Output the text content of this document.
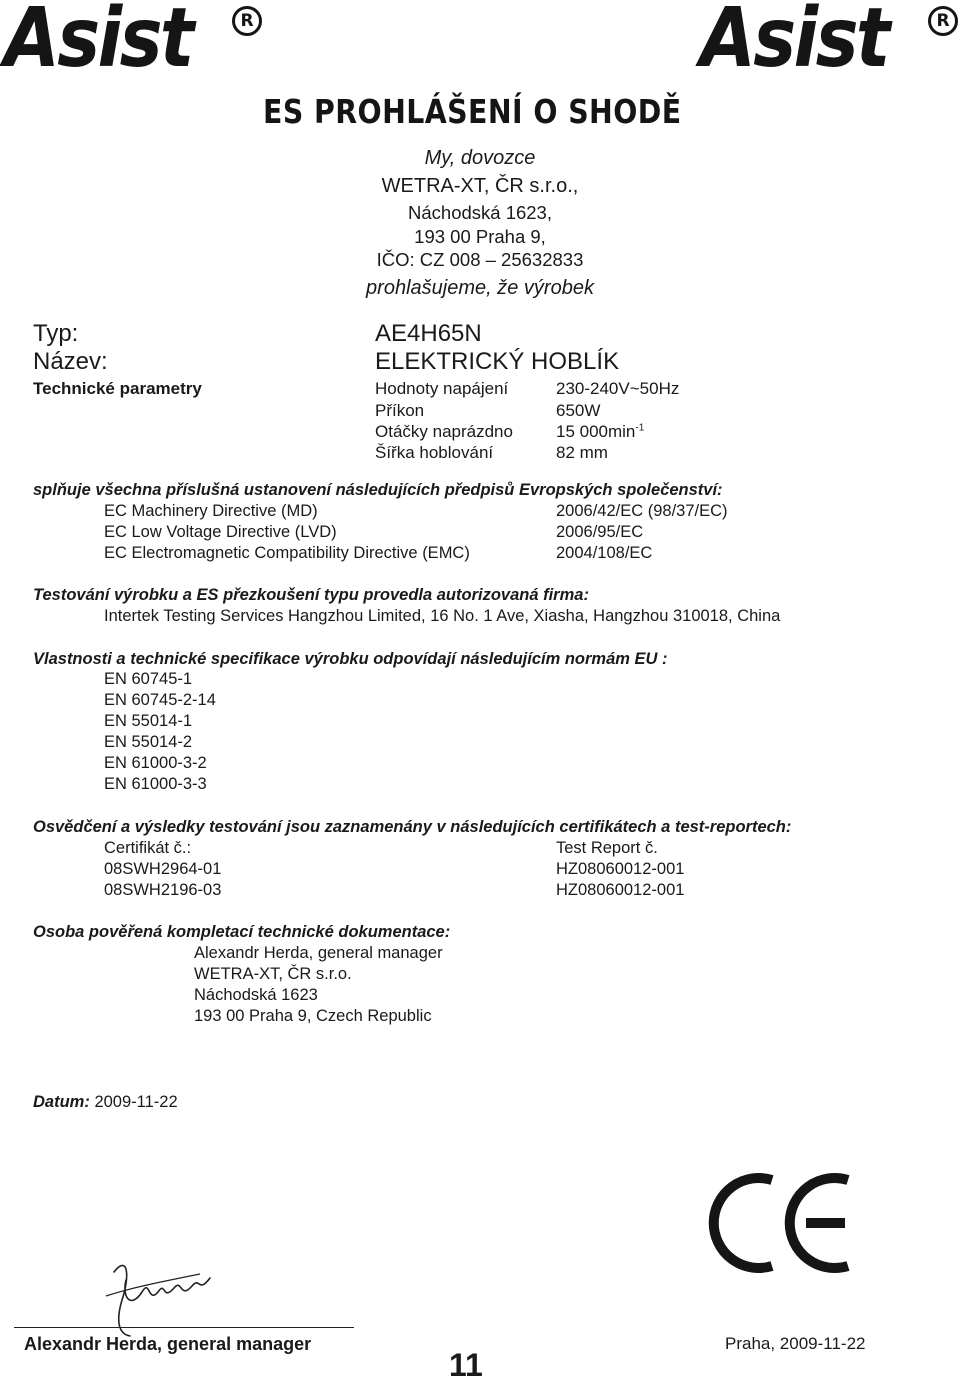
Asist	R	Asist	R
ES PROHLÁŠENÍ O SHODĚ
My, dovozce
WETRA-XT, ČR s.r.o.,
Náchodská 1623,
193 00 Praha 9,
IČO: CZ 008 – 25632833
prohlašujeme, že výrobek
Typ:	AE4H65N
Název:	ELEKTRICKÝ HOBLÍK
Technické parametry	Hodnoty napájení	230-240V~50Hz
Příkon	650W
Otáčky naprázdno	15 $000\min^{-1}$
Šířka hoblování	82 mm
splňuje všechna příslušná ustanovení následujících předpisů Evropských společenství:
EC Machinery Directive (MD)	2006/42/EC (98/37/EC)
EC Low Voltage Directive (LVD)	2006/95/EC
EC Electromagnetic Compatibility Directive (EMC)	2004/108/EC
Testování výrobku a ES přezkoušení typu provedla autorizovaná firma:
Intertek Testing Services Hangzhou Limited, 16 No. 1 Ave, Xiasha, Hangzhou 310018, China
Vlastnosti a technické specifikace výrobku odpovídají následujícím normám EU :
EN 60745-1
EN 60745-2-14
EN 55014-1
EN 55014-2
EN 61000-3-2
EN 61000-3-3
Osvědčení a výsledky testování jsou zaznamenány v následujících certifikátech a test-reportech:
Certifikát č.:	Test Report č.
08SWH2964-01	HZ08060012-001
08SWH2196-03	HZ08060012-001
Osoba pověřená kompletací technické dokumentace:
Alexandr Herda, general manager
WETRA-XT, ČR s.r.o.
Náchodská 1623
193 00 Praha 9, Czech Republic
Datum: 2009-11-22
Alexandr Herda, general manager	Praha, 2009-11-22
11
